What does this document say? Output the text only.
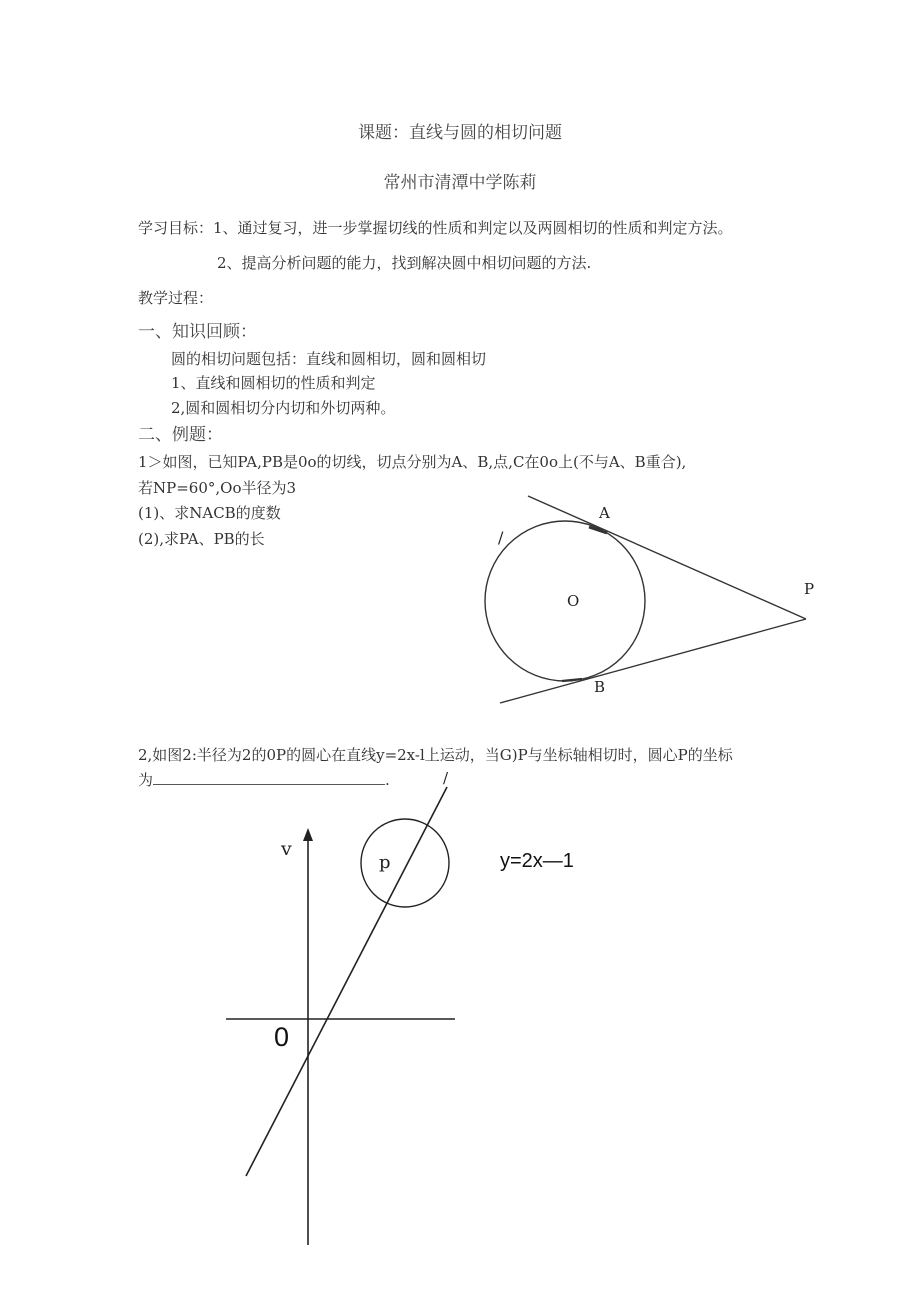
课题：直线与圆的相切问题
常州市清潭中学陈莉
学习目标： 1、通过复习，进一步掌握切线的性质和判定以及两圆相切的性质和判定方法。
2、提高分析问题的能力，找到解决圆中相切问题的方法.
教学过程：
一、知识回顾：
圆的相切问题包括：直线和圆相切，圆和圆相切
1、直线和圆相切的性质和判定
2,圆和圆相切分内切和外切两种。
二、例题：
1＞如图，已知PA,PB是0o的切线，切点分别为A、B,点,C在0o上(不与A、B重合),
若NP=60°,Oo半径为3
(1)、求NACB的度数
(2),求PA、PB的长
2,如图2:半径为2的0P的圆心在直线y=2x-l上运动，当G)P与坐标轴相切时，圆心P的坐标
为	.
A
B
O
P
/
v
p
0
y=2x—1
/
